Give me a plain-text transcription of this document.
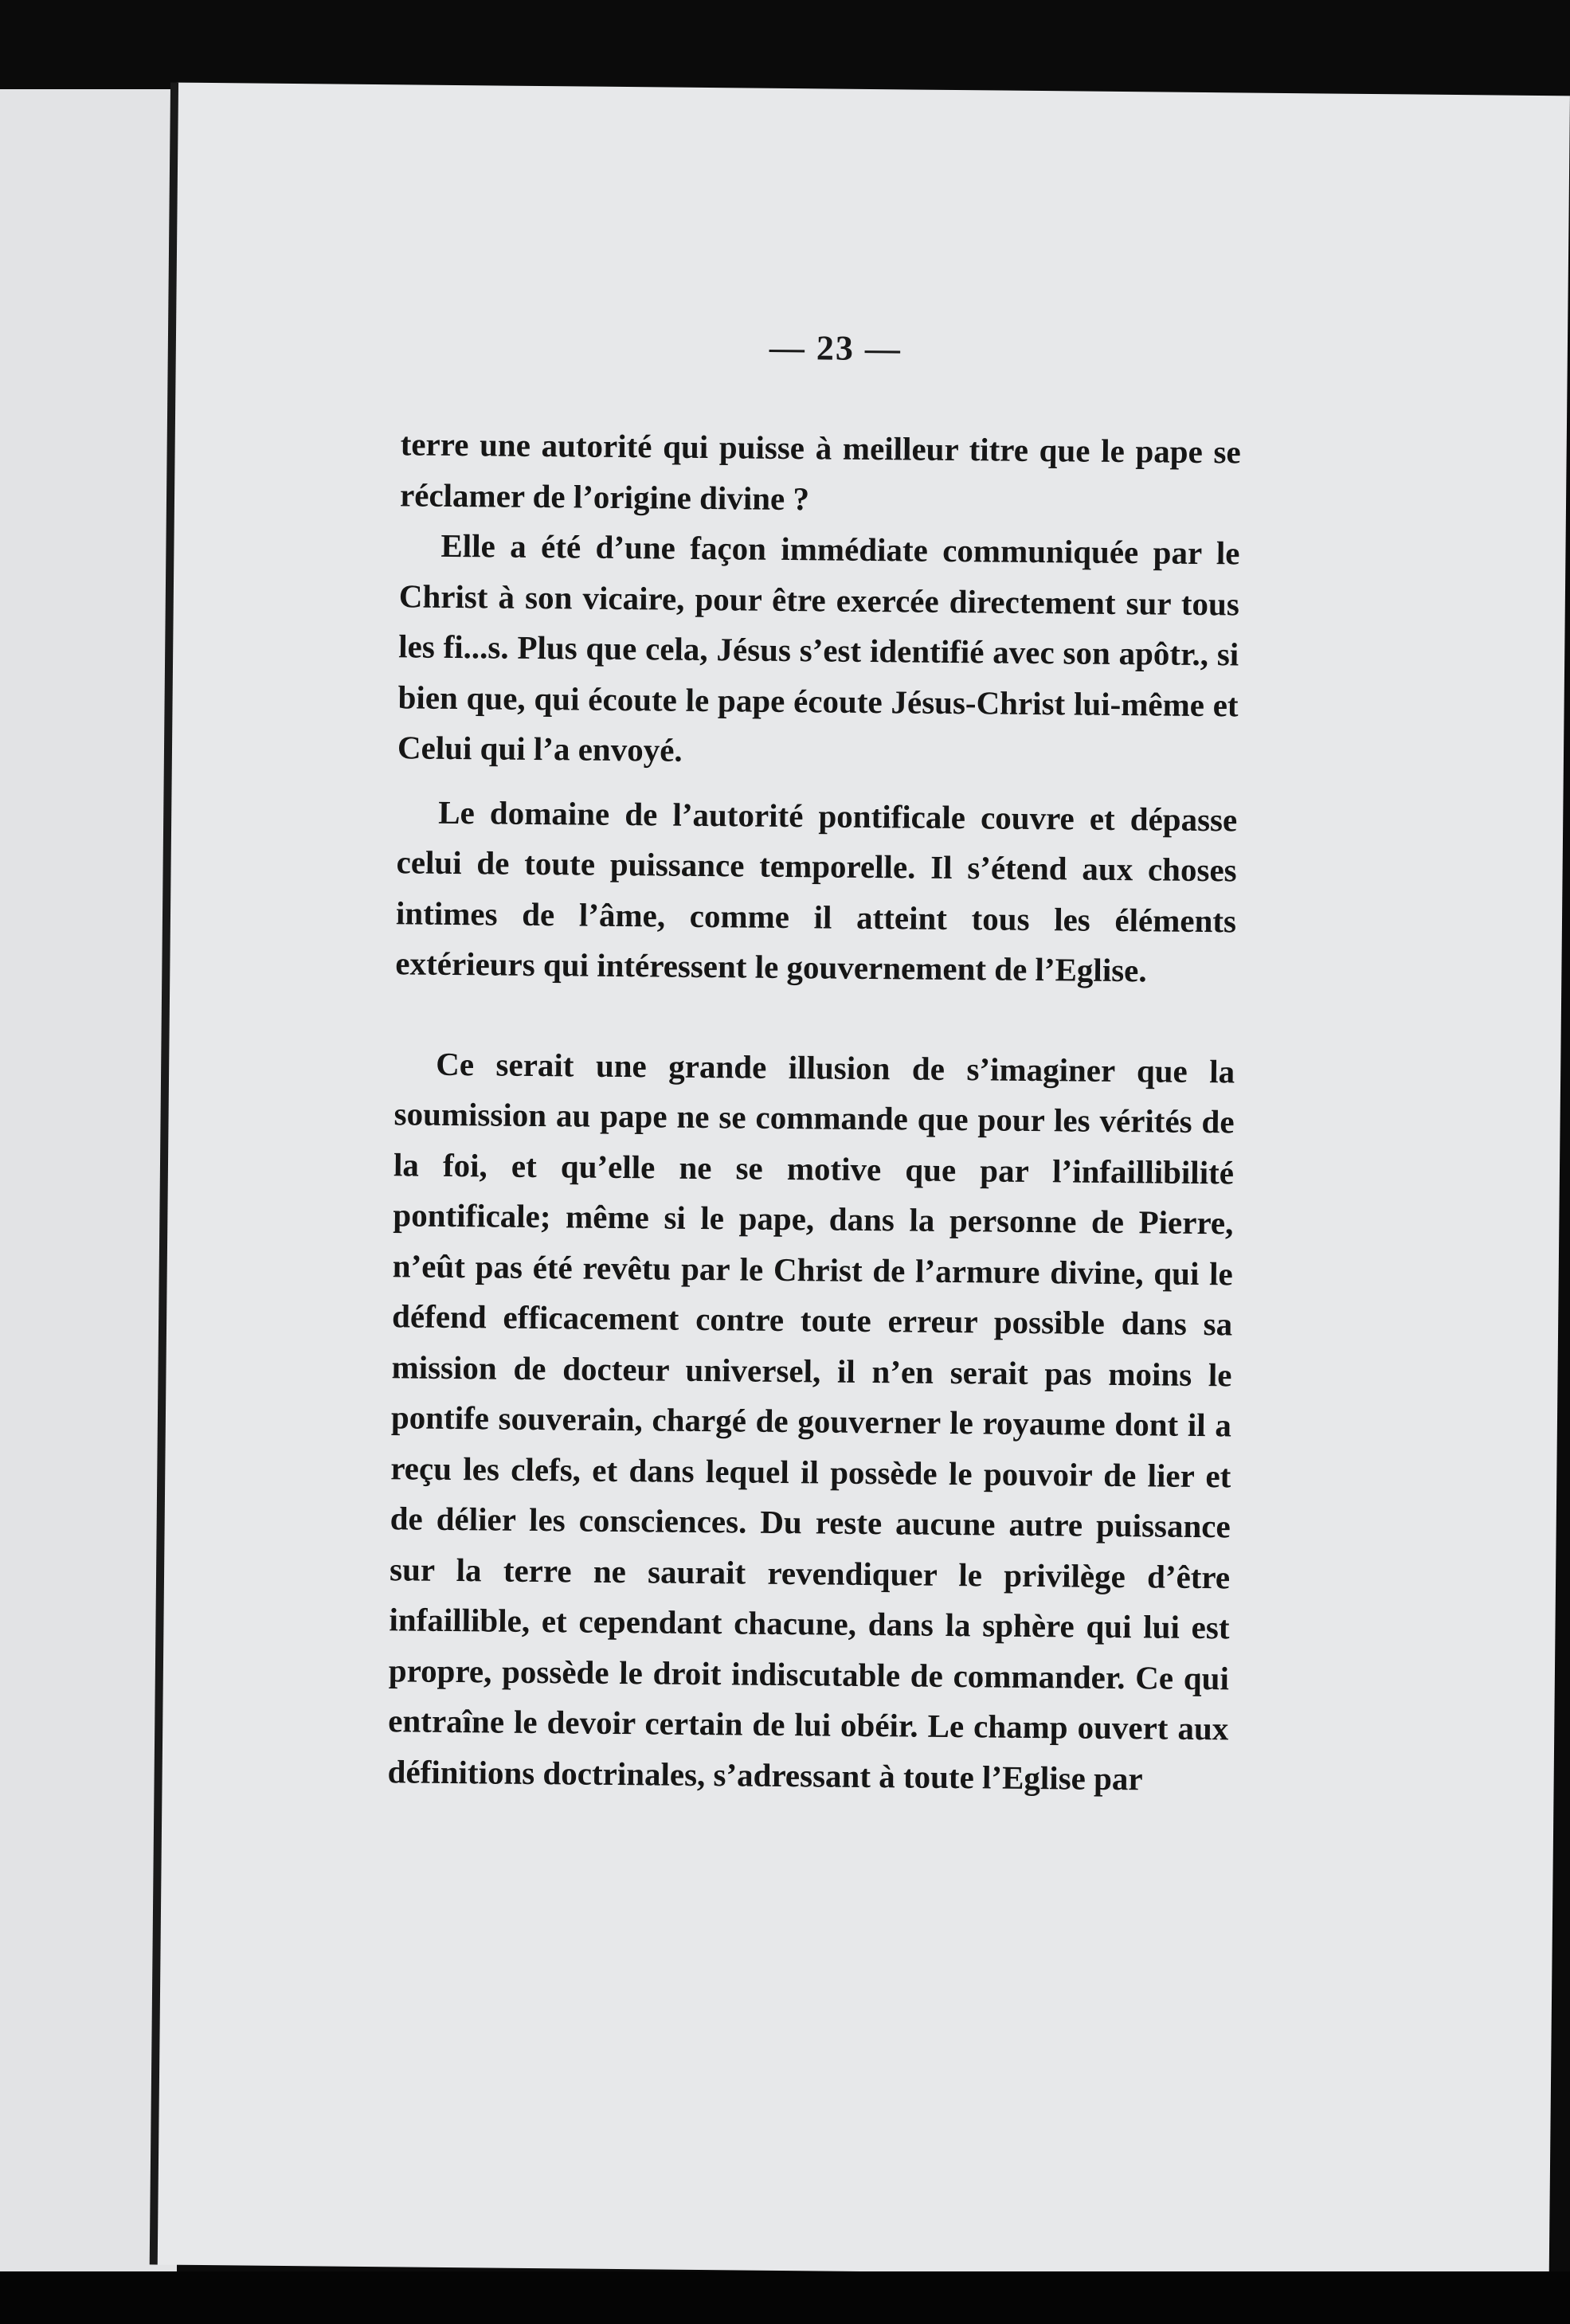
— 23 —

terre une autorité qui puisse à meilleur titre que le pape se réclamer de l’origine divine ?

Elle a été d’une façon immédiate communiquée par le Christ à son vicaire, pour être exercée directement sur tous les fi...s. Plus que cela, Jésus s’est identifié avec son apôtr., si bien que, qui écoute le pape écoute Jésus-Christ lui-même et Celui qui l’a envoyé.

Le domaine de l’autorité pontificale couvre et dépasse celui de toute puissance temporelle. Il s’étend aux choses intimes de l’âme, comme il atteint tous les éléments extérieurs qui intéressent le gouvernement de l’Eglise.

Ce serait une grande illusion de s’imaginer que la soumission au pape ne se commande que pour les vérités de la foi, et qu’elle ne se motive que par l’infaillibilité pontificale; même si le pape, dans la personne de Pierre, n’eût pas été revêtu par le Christ de l’armure divine, qui le défend efficacement contre toute erreur possible dans sa mission de docteur universel, il n’en serait pas moins le pontife souverain, chargé de gouverner le royaume dont il a reçu les clefs, et dans lequel il possède le pouvoir de lier et de délier les consciences. Du reste aucune autre puissance sur la terre ne saurait revendiquer le privilège d’être infaillible, et cependant chacune, dans la sphère qui lui est propre, possède le droit indiscutable de commander. Ce qui entraîne le devoir certain de lui obéir. Le champ ouvert aux définitions doctrinales, s’adressant à toute l’Eglise par
